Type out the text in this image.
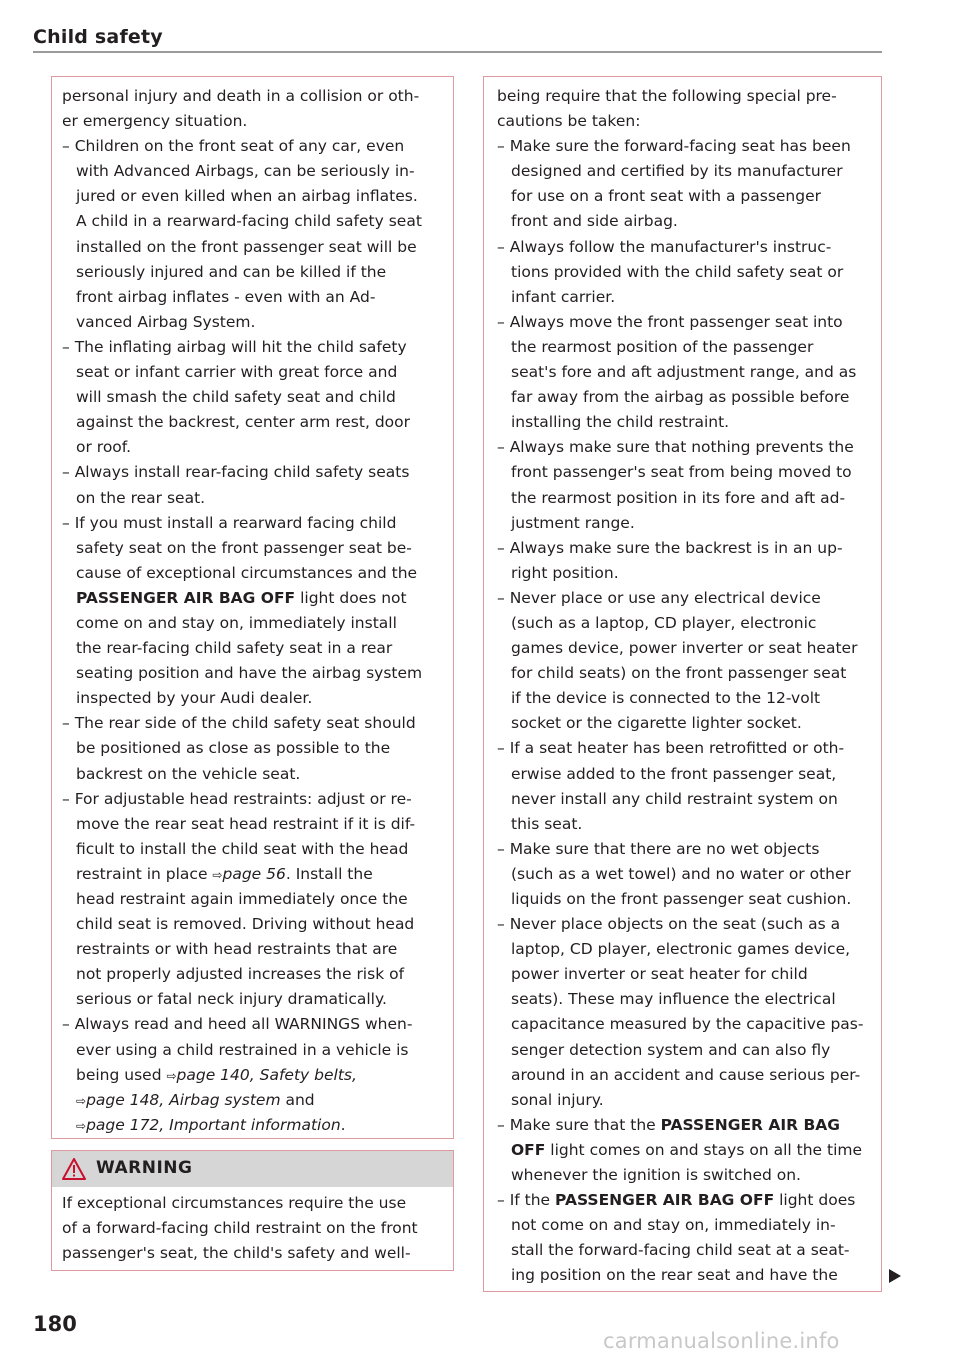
Child safety
WARNING
personal injury and death in a collision or oth-
er emergency situation.
– Children on the front seat of any car, even
with Advanced Airbags, can be seriously in-
jured or even killed when an airbag inflates.
A child in a rearward-facing child safety seat
installed on the front passenger seat will be
seriously injured and can be killed if the
front airbag inflates - even with an Ad-
vanced Airbag System.
– The inflating airbag will hit the child safety
seat or infant carrier with great force and
will smash the child safety seat and child
against the backrest, center arm rest, door
or roof.
– Always install rear-facing child safety seats
on the rear seat.
– If you must install a rearward facing child
safety seat on the front passenger seat be-
cause of exceptional circumstances and the
PASSENGER AIR BAG OFF light does not
come on and stay on, immediately install
the rear-facing child safety seat in a rear
seating position and have the airbag system
inspected by your Audi dealer.
– The rear side of the child safety seat should
be positioned as close as possible to the
backrest on the vehicle seat.
– For adjustable head restraints: adjust or re-
move the rear seat head restraint if it is dif-
ficult to install the child seat with the head
restraint in place ⇨page 56. Install the
head restraint again immediately once the
child seat is removed. Driving without head
restraints or with head restraints that are
not properly adjusted increases the risk of
serious or fatal neck injury dramatically.
– Always read and heed all WARNINGS when-
ever using a child restrained in a vehicle is
being used ⇨page 140, Safety belts,
⇨page 148, Airbag system and
⇨page 172, Important information.
If exceptional circumstances require the use
of a forward-facing child restraint on the front
passenger's seat, the child's safety and well-
being require that the following special pre-
cautions be taken:
– Make sure the forward-facing seat has been
designed and certified by its manufacturer
for use on a front seat with a passenger
front and side airbag.
– Always follow the manufacturer's instruc-
tions provided with the child safety seat or
infant carrier.
– Always move the front passenger seat into
the rearmost position of the passenger
seat's fore and aft adjustment range, and as
far away from the airbag as possible before
installing the child restraint.
– Always make sure that nothing prevents the
front passenger's seat from being moved to
the rearmost position in its fore and aft ad-
justment range.
– Always make sure the backrest is in an up-
right position.
– Never place or use any electrical device
(such as a laptop, CD player, electronic
games device, power inverter or seat heater
for child seats) on the front passenger seat
if the device is connected to the 12-volt
socket or the cigarette lighter socket.
– If a seat heater has been retrofitted or oth-
erwise added to the front passenger seat,
never install any child restraint system on
this seat.
– Make sure that there are no wet objects
(such as a wet towel) and no water or other
liquids on the front passenger seat cushion.
– Never place objects on the seat (such as a
laptop, CD player, electronic games device,
power inverter or seat heater for child
seats). These may influence the electrical
capacitance measured by the capacitive pas-
senger detection system and can also fly
around in an accident and cause serious per-
sonal injury.
– Make sure that the PASSENGER AIR BAG
OFF light comes on and stays on all the time
whenever the ignition is switched on.
– If the PASSENGER AIR BAG OFF light does
not come on and stay on, immediately in-
stall the forward-facing child seat at a seat-
ing position on the rear seat and have the
180
carmanualsonline.info
